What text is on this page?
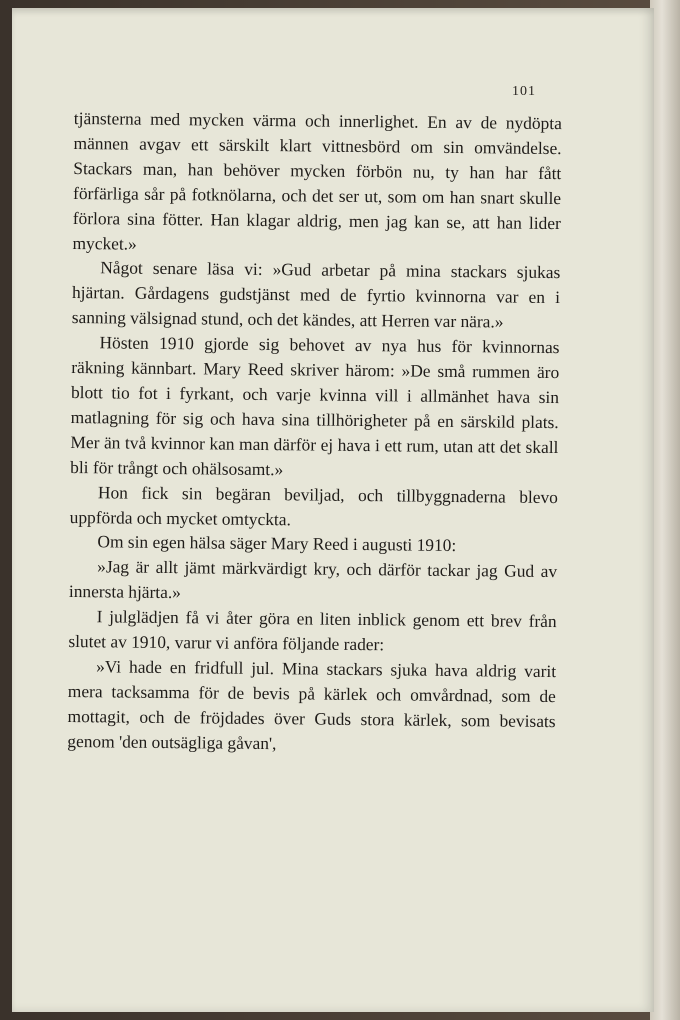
101

tjänsterna med mycken värma och innerlighet. En av de nydöpta männen avgav ett särskilt klart vittnesbörd om sin omvändelse. Stackars man, han behöver mycken förbön nu, ty han har fått förfärliga sår på fotknölarna, och det ser ut, som om han snart skulle förlora sina fötter. Han klagar aldrig, men jag kan se, att han lider mycket.»

Något senare läsa vi: »Gud arbetar på mina stackars sjukas hjärtan. Gårdagens gudstjänst med de fyrtio kvinnorna var en i sanning välsignad stund, och det kändes, att Herren var nära.»

Hösten 1910 gjorde sig behovet av nya hus för kvinnornas räkning kännbart. Mary Reed skriver härom: »De små rummen äro blott tio fot i fyrkant, och varje kvinna vill i allmänhet hava sin matlagning för sig och hava sina tillhörigheter på en särskild plats. Mer än två kvinnor kan man därför ej hava i ett rum, utan att det skall bli för trångt och ohälsosamt.»

Hon fick sin begäran beviljad, och tillbyggnaderna blevo uppförda och mycket omtyckta.

Om sin egen hälsa säger Mary Reed i augusti 1910:

»Jag är allt jämt märkvärdigt kry, och därför tackar jag Gud av innersta hjärta.»

I julglädjen få vi åter göra en liten inblick genom ett brev från slutet av 1910, varur vi anföra följande rader:

»Vi hade en fridfull jul. Mina stackars sjuka hava aldrig varit mera tacksamma för de bevis på kärlek och omvårdnad, som de mottagit, och de fröjdades över Guds stora kärlek, som bevisats genom 'den outsägliga gåvan',
